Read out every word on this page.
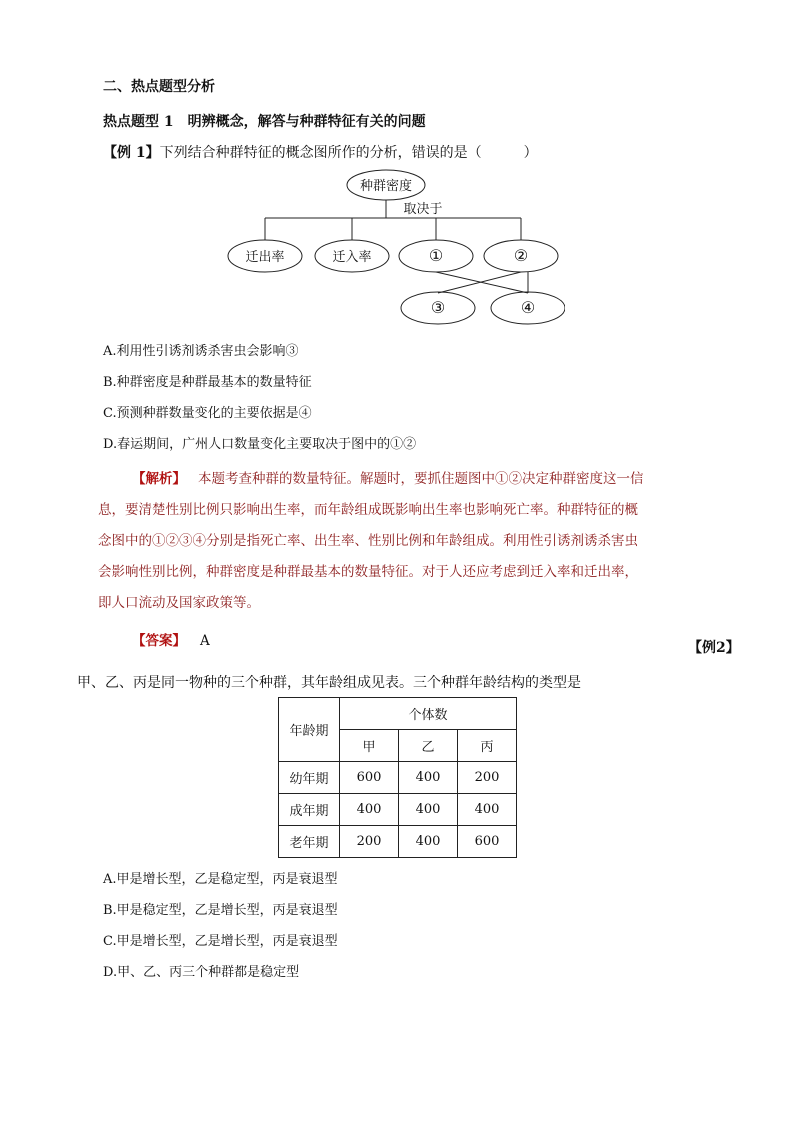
二、热点题型分析
热点题型 1　明辨概念，解答与种群特征有关的问题
【例 1】下列结合种群特征的概念图所作的分析，错误的是（　　　）
种群密度
取决于
迁出率	迁入率	①	②
③	④
A.利用性引诱剂诱杀害虫会影响③
B.种群密度是种群最基本的数量特征
C.预测种群数量变化的主要依据是④
D.春运期间，广州人口数量变化主要取决于图中的①②
【解析】 本题考查种群的数量特征。解题时，要抓住题图中①②决定种群密度这一信
息，要清楚性别比例只影响出生率，而年龄组成既影响出生率也影响死亡率。种群特征的概
念图中的①②③④分别是指死亡率、出生率、性别比例和年龄组成。利用性引诱剂诱杀害虫
会影响性别比例，种群密度是种群最基本的数量特征。对于人还应考虑到迁入率和迁出率，
即人口流动及国家政策等。
【答案】 A	【例2】
甲、乙、丙是同一物种的三个种群，其年龄组成见表。三个种群年龄结构的类型是
年龄期	个体数		
	甲	乙	丙
幼年期	600	400	200
成年期	400	400	400
老年期	200	400	600
A.甲是增长型，乙是稳定型，丙是衰退型
B.甲是稳定型，乙是增长型，丙是衰退型
C.甲是增长型，乙是增长型，丙是衰退型
D.甲、乙、丙三个种群都是稳定型
